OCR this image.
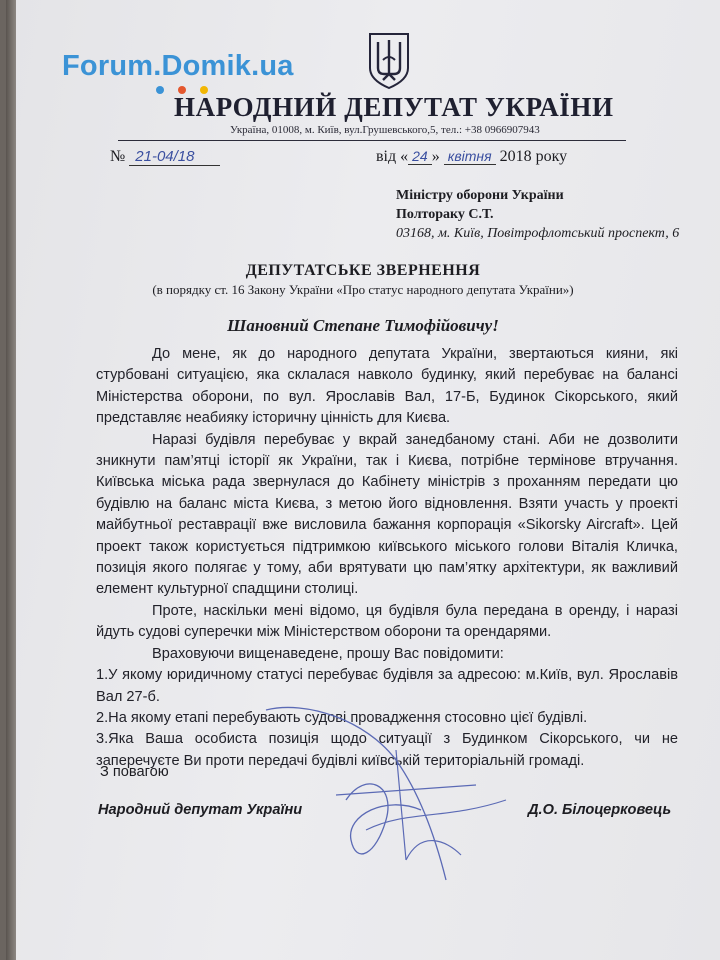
Forum.Domik.ua
НАРОДНИЙ ДЕПУТАТ УКРАЇНИ
Україна, 01008, м. Київ, вул.Грушевського,5, тел.: +38 0966907943
№ 21-04/18	від « 24 » квітня 2018 року
Міністру оборони України
Полтораку С.Т.
03168, м. Київ, Повітрофлотський проспект, 6
ДЕПУТАТСЬКЕ ЗВЕРНЕННЯ
(в порядку ст. 16 Закону України «Про статус народного депутата України»)
Шановний Степане Тимофійовичу!

До мене, як до народного депутата України, звертаються кияни, які стурбовані ситуацією, яка склалася навколо будинку, який перебуває на балансі Міністерства оборони, по вул. Ярославів Вал, 17-Б, Будинок Сікорського, який представляє неабияку історичну цінність для Києва.

Наразі будівля перебуває у вкрай занедбаному стані. Аби не дозволити зникнути пам’ятці історії як України, так і Києва, потрібне термінове втручання. Київська міська рада звернулася до Кабінету міністрів з проханням передати цю будівлю на баланс міста Києва, з метою його відновлення. Взяти участь у проекті майбутньої реставрації вже висловила бажання корпорація «Sikorsky Aircraft». Цей проект також користується підтримкою київського міського голови Віталія Кличка, позиція якого полягає у тому, аби врятувати цю пам’ятку архітектури, як важливий елемент культурної спадщини столиці.

Проте, наскільки мені відомо, ця будівля була передана в оренду, і наразі йдуть судові суперечки між Міністерством оборони та орендарями.

Враховуючи вищенаведене, прошу Вас повідомити:

1.У якому юридичному статусі перебуває будівля за адресою: м.Київ, вул. Ярославів Вал 27-б.

2.На якому етапі перебувають судові провадження стосовно цієї будівлі.

3.Яка Ваша особиста позиція щодо ситуації з Будинком Сікорського, чи не заперечуєте Ви проти передачі будівлі київській територіальній громаді.

З повагою
Народний депутат України	Д.О. Білоцерковець
